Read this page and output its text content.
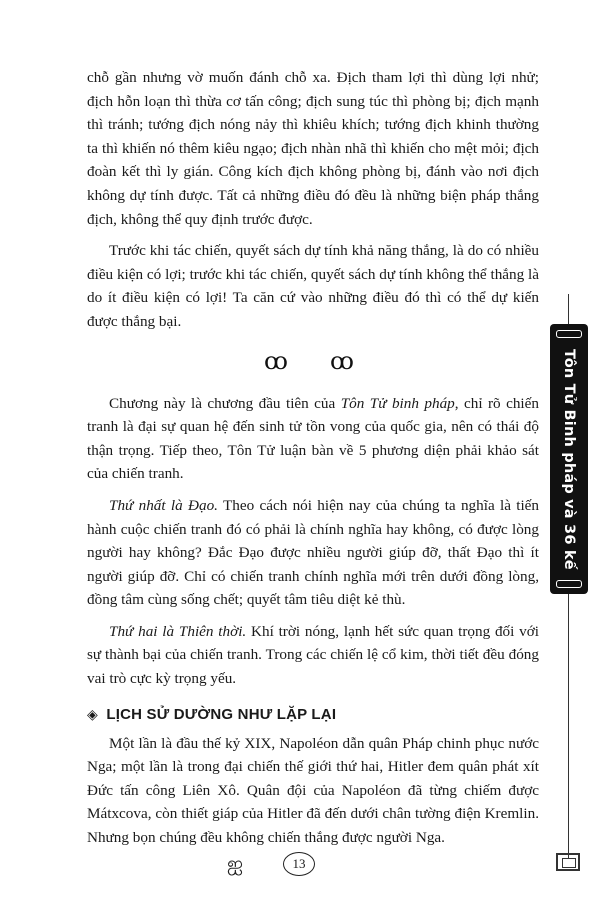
chỗ gần nhưng vờ muốn đánh chỗ xa. Địch tham lợi thì dùng lợi nhử; địch hỗn loạn thì thừa cơ tấn công; địch sung túc thì phòng bị; địch mạnh thì tránh; tướng địch nóng nảy thì khiêu khích; tướng địch khinh thường ta thì khiến nó thêm kiêu ngạo; địch nhàn nhã thì khiến cho mệt mỏi; địch đoàn kết thì ly gián. Công kích địch không phòng bị, đánh vào nơi địch không dự tính được. Tất cả những điều đó đều là những biện pháp thắng địch, không thể quy định trước được.

Trước khi tác chiến, quyết sách dự tính khả năng thắng, là do có nhiều điều kiện có lợi; trước khi tác chiến, quyết sách dự tính không thể thắng là do ít điều kiện có lợi! Ta căn cứ vào những điều đó thì có thể dự kiến được thắng bại.

ꝏ ꝏ

Chương này là chương đầu tiên của Tôn Tử binh pháp, chỉ rõ chiến tranh là đại sự quan hệ đến sinh tử tồn vong của quốc gia, nên có thái độ thận trọng. Tiếp theo, Tôn Tử luận bàn về 5 phương diện phải khảo sát của chiến tranh.

Thứ nhất là Đạo. Theo cách nói hiện nay của chúng ta nghĩa là tiến hành cuộc chiến tranh đó có phải là chính nghĩa hay không, có được lòng người hay không? Đắc Đạo được nhiều người giúp đỡ, thất Đạo thì ít người giúp đỡ. Chỉ có chiến tranh chính nghĩa mới trên dưới đồng lòng, đồng tâm cùng sống chết; quyết tâm tiêu diệt kẻ thù.

Thứ hai là Thiên thời. Khí trời nóng, lạnh hết sức quan trọng đối với sự thành bại của chiến tranh. Trong các chiến lệ cổ kim, thời tiết đều đóng vai trò cực kỳ trọng yếu.

◈ LỊCH SỬ DƯỜNG NHƯ LẶP LẠI

Một lần là đầu thế kỷ XIX, Napoléon dẫn quân Pháp chinh phục nước Nga; một lần là trong đại chiến thế giới thứ hai, Hitler đem quân phát xít Đức tấn công Liên Xô. Quân đội của Napoléon đã từng chiếm được Mátxcova, còn thiết giáp của Hitler đã đến dưới chân tường điện Kremlin. Nhưng bọn chúng đều không chiến thắng được người Nga.

Tôn Tử Binh pháp và 36 kế
ஐ	13
